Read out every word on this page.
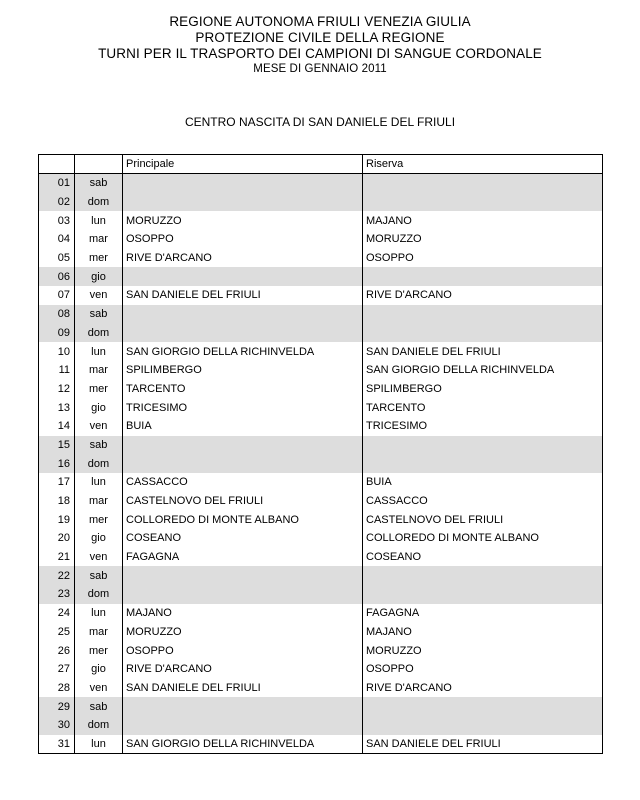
REGIONE AUTONOMA FRIULI VENEZIA GIULIA
PROTEZIONE CIVILE DELLA REGIONE
TURNI PER IL TRASPORTO DEI CAMPIONI DI SANGUE CORDONALE
MESE DI GENNAIO 2011
CENTRO NASCITA DI SAN DANIELE DEL FRIULI
		Principale	Riserva
01	sab		
02	dom		
03	lun	MORUZZO	MAJANO
04	mar	OSOPPO	MORUZZO
05	mer	RIVE D'ARCANO	OSOPPO
06	gio		
07	ven	SAN DANIELE DEL FRIULI	RIVE D'ARCANO
08	sab		
09	dom		
10	lun	SAN GIORGIO DELLA RICHINVELDA	SAN DANIELE DEL FRIULI
11	mar	SPILIMBERGO	SAN GIORGIO DELLA RICHINVELDA
12	mer	TARCENTO	SPILIMBERGO
13	gio	TRICESIMO	TARCENTO
14	ven	BUIA	TRICESIMO
15	sab		
16	dom		
17	lun	CASSACCO	BUIA
18	mar	CASTELNOVO DEL FRIULI	CASSACCO
19	mer	COLLOREDO DI MONTE ALBANO	CASTELNOVO DEL FRIULI
20	gio	COSEANO	COLLOREDO DI MONTE ALBANO
21	ven	FAGAGNA	COSEANO
22	sab		
23	dom		
24	lun	MAJANO	FAGAGNA
25	mar	MORUZZO	MAJANO
26	mer	OSOPPO	MORUZZO
27	gio	RIVE D'ARCANO	OSOPPO
28	ven	SAN DANIELE DEL FRIULI	RIVE D'ARCANO
29	sab		
30	dom		
31	lun	SAN GIORGIO DELLA RICHINVELDA	SAN DANIELE DEL FRIULI
